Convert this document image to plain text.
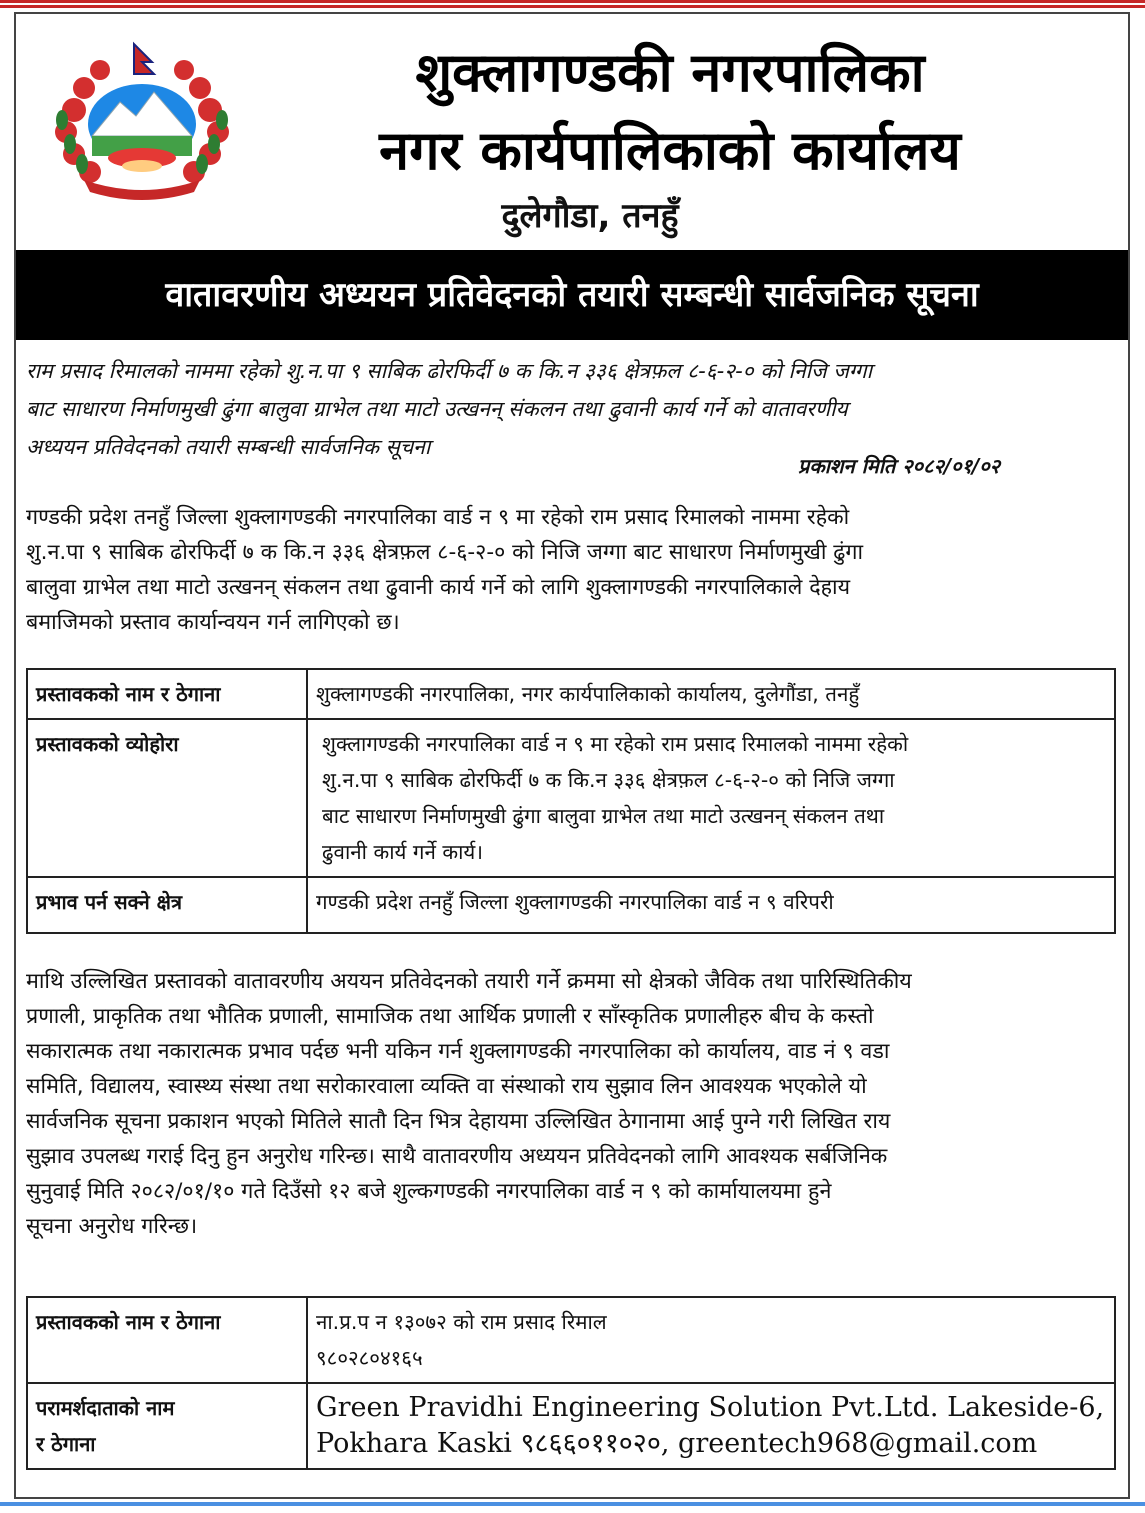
शुक्लागण्डकी नगरपालिका
नगर कार्यपालिकाको कार्यालय
दुलेगौडा, तनहुँ
वातावरणीय अध्ययन प्रतिवेदनको तयारी सम्बन्धी सार्वजनिक सूचना
राम प्रसाद रिमालको नाममा रहेको शु.न.पा ९ साबिक ढोरफिर्दी ७ क कि.न ३३६ क्षेत्रफ़ल ८-६-२-० को निजि जग्गा
बाट साधारण निर्माणमुखी ढुंगा बालुवा ग्राभेल तथा माटो उत्खनन् संकलन तथा ढुवानी कार्य गर्ने को वातावरणीय
अध्ययन प्रतिवेदनको तयारी सम्बन्धी सार्वजनिक सूचना
प्रकाशन मिति २०८२/०१/०२
गण्डकी प्रदेश तनहुँ जिल्ला शुक्लागण्डकी नगरपालिका वार्ड न ९ मा रहेको राम प्रसाद रिमालको नाममा रहेको
शु.न.पा ९ साबिक ढोरफिर्दी ७ क कि.न ३३६ क्षेत्रफ़ल ८-६-२-० को निजि जग्गा बाट साधारण निर्माणमुखी ढुंगा
बालुवा ग्राभेल तथा माटो उत्खनन् संकलन तथा ढुवानी कार्य गर्ने को लागि शुक्लागण्डकी नगरपालिकाले देहाय
बमाजिमको प्रस्ताव कार्यान्वयन गर्न लागिएको छ।
प्रस्तावकको नाम र ठेगाना	शुक्लागण्डकी नगरपालिका, नगर कार्यपालिकाको कार्यालय, दुलेगौंडा, तनहुँ

प्रस्तावकको व्योहोरा	शुक्लागण्डकी नगरपालिका वार्ड न ९ मा रहेको राम प्रसाद रिमालको नाममा रहेको
शु.न.पा ९ साबिक ढोरफिर्दी ७ क कि.न ३३६ क्षेत्रफ़ल ८-६-२-० को निजि जग्गा
बाट साधारण निर्माणमुखी ढुंगा बालुवा ग्राभेल तथा माटो उत्खनन् संकलन तथा
ढुवानी कार्य गर्ने कार्य।

प्रभाव पर्न सक्ने क्षेत्र	गण्डकी प्रदेश तनहुँ जिल्ला शुक्लागण्डकी नगरपालिका वार्ड न ९ वरिपरी
माथि उल्लिखित प्रस्तावको वातावरणीय अययन प्रतिवेदनको तयारी गर्ने क्रममा सो क्षेत्रको जैविक तथा पारिस्थितिकीय
प्रणाली, प्राकृतिक तथा भौतिक प्रणाली, सामाजिक तथा आर्थिक प्रणाली र साँस्कृतिक प्रणालीहरु बीच के कस्तो
सकारात्मक तथा नकारात्मक प्रभाव पर्दछ भनी यकिन गर्न शुक्लागण्डकी नगरपालिका को कार्यालय, वाड नं ९ वडा
समिति, विद्यालय, स्वास्थ्य संस्था तथा सरोकारवाला व्यक्ति वा संस्थाको राय सुझाव लिन आवश्यक भएकोले यो
सार्वजनिक सूचना प्रकाशन भएको मितिले सातौ दिन भित्र देहायमा उल्लिखित ठेगानामा आई पुग्ने गरी लिखित राय
सुझाव उपलब्ध गराई दिनु हुन अनुरोध गरिन्छ। साथै वातावरणीय अध्ययन प्रतिवेदनको लागि आवश्यक सर्बजिनिक
सुनुवाई मिति २०८२/०१/१० गते दिउँसो १२ बजे शुल्कगण्डकी नगरपालिका वार्ड न ९ को कार्मायालयमा हुने
सूचना अनुरोध गरिन्छ।
प्रस्तावकको नाम र ठेगाना	ना.प्र.प न १३०७२ को राम प्रसाद रिमाल
९८०२८०४१६५

परामर्शदाताको नाम
र ठेगाना	Green Pravidhi Engineering Solution Pvt.Ltd. Lakeside-6,
Pokhara Kaski ९८६६०११०२०, greentech968@gmail.com
